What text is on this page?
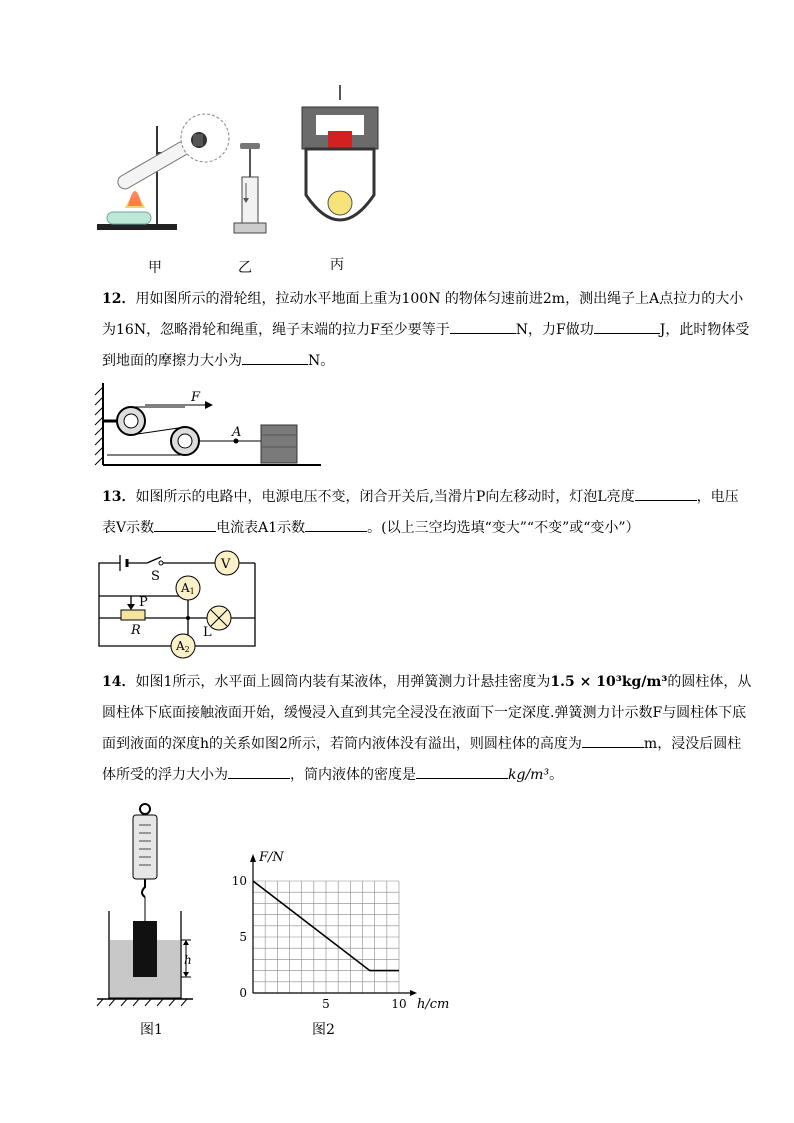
甲	乙	丙
12．用如图所示的滑轮组，拉动水平地面上重为100N 的物体匀速前进2m，测出绳子上A点拉力的大小为16N，忽略滑轮和绳重，绳子末端的拉力F至少要等于	N，力F做功	J，此时物体受到地面的摩擦力大小为	N。
F
A
13．如图所示的电路中，电源电压不变，闭合开关后,当滑片P向左移动时，灯泡L亮度	，电压表V示数	电流表A1示数	。(以上三空均选填“变大”“不变”或“变小”）
V
A1
A2
S
P
R	L
14．如图1所示，水平面上圆筒内装有某液体，用弹簧测力计悬挂密度为1.5 × 10³kg/m³的圆柱体，从圆柱体下底面接触液面开始，缓慢浸入直到其完全浸没在液面下一定深度.弹簧测力计示数F与圆柱体下底面到液面的深度h的关系如图2所示，若筒内液体没有溢出，则圆柱体的高度为	m，浸没后圆柱体所受的浮力大小为	，筒内液体的密度是	kg/m³。
h
F/N
h/cm
0
5
10
5	10
图1	图2
